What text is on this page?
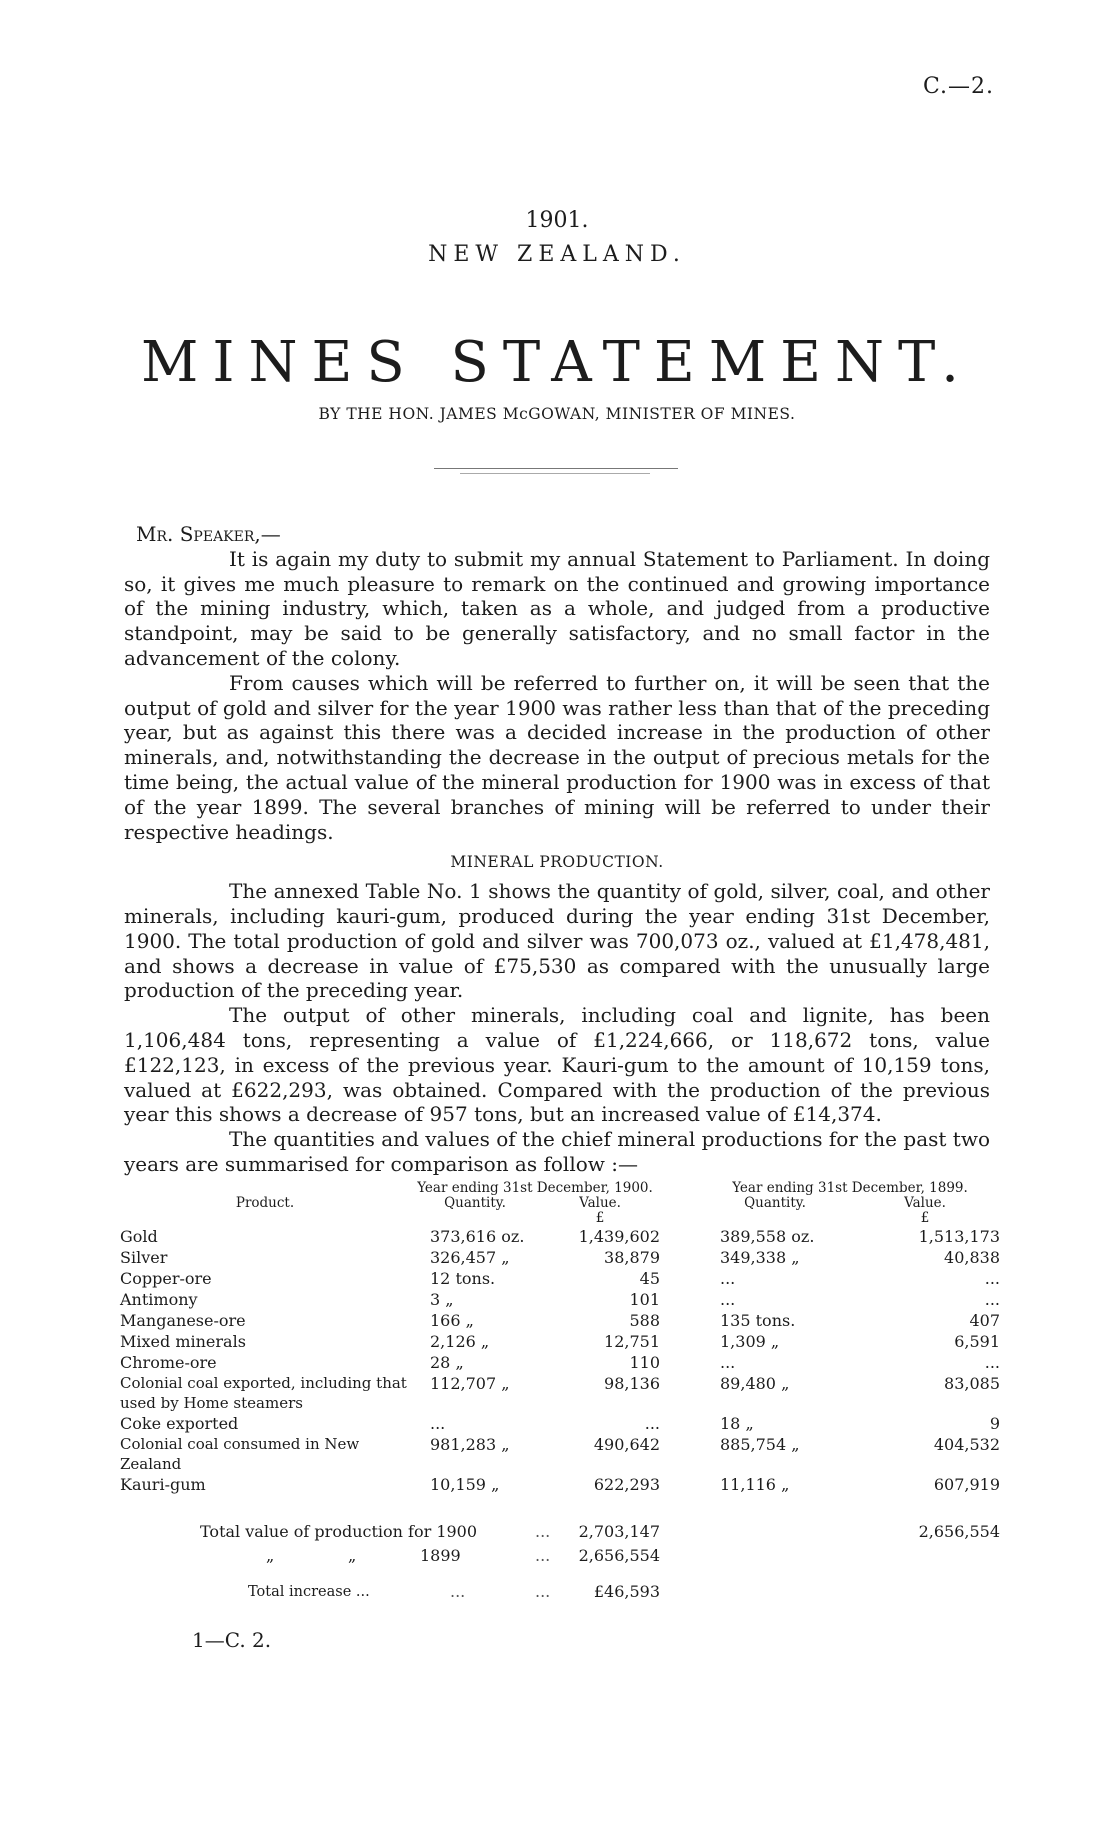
C.—2.
1901.
NEW ZEALAND.
MINES STATEMENT.
BY THE HON. JAMES McGOWAN, MINISTER OF MINES.
Mr. Speaker,—

It is again my duty to submit my annual Statement to Parliament. In doing so, it gives me much pleasure to remark on the continued and growing importance of the mining industry, which, taken as a whole, and judged from a productive standpoint, may be said to be generally satisfactory, and no small factor in the advancement of the colony.

From causes which will be referred to further on, it will be seen that the output of gold and silver for the year 1900 was rather less than that of the preceding year, but as against this there was a decided increase in the production of other minerals, and, notwithstanding the decrease in the output of precious metals for the time being, the actual value of the mineral production for 1900 was in excess of that of the year 1899. The several branches of mining will be referred to under their respective headings.

MINERAL PRODUCTION.

The annexed Table No. 1 shows the quantity of gold, silver, coal, and other minerals, including kauri-gum, produced during the year ending 31st December, 1900. The total production of gold and silver was 700,073 oz., valued at £1,478,481, and shows a decrease in value of £75,530 as compared with the unusually large production of the preceding year.

The output of other minerals, including coal and lignite, has been 1,106,484 tons, representing a value of £1,224,666, or 118,672 tons, value £122,123, in excess of the previous year. Kauri-gum to the amount of 10,159 tons, valued at £622,293, was obtained. Compared with the production of the previous year this shows a decrease of 957 tons, but an increased value of £14,374.

The quantities and values of the chief mineral productions for the past two years are summarised for comparison as follow :—

	Year ending 31st December, 1900.			Year ending 31st December, 1899.	
Product.	Quantity.	Value.		Quantity.	Value.
		£			£
Gold	373,616 oz.	1,439,602		389,558 oz.	1,513,173
Silver	326,457 „	38,879		349,338 „	40,838
Copper-ore	12 tons.	45		...	...
Antimony	3 „	101		...	...
Manganese-ore	166 „	588		135 tons.	407
Mixed minerals	2,126 „	12,751		1,309 „	6,591
Chrome-ore	28 „	110		...	...
Colonial coal exported, including that used by Home steamers	112,707 „	98,136		89,480 „	83,085
Coke exported	...	...		18 „	9
Colonial coal consumed in New Zealand	981,283 „	490,642		885,754 „	404,532
Kauri-gum	10,159 „	622,293		11,116 „	607,919
Total value of production for 1900	...	2,703,147	2,656,554
„	„	1899	...	2,656,554
Total increase ...	...	...	£46,593
1—C. 2.
